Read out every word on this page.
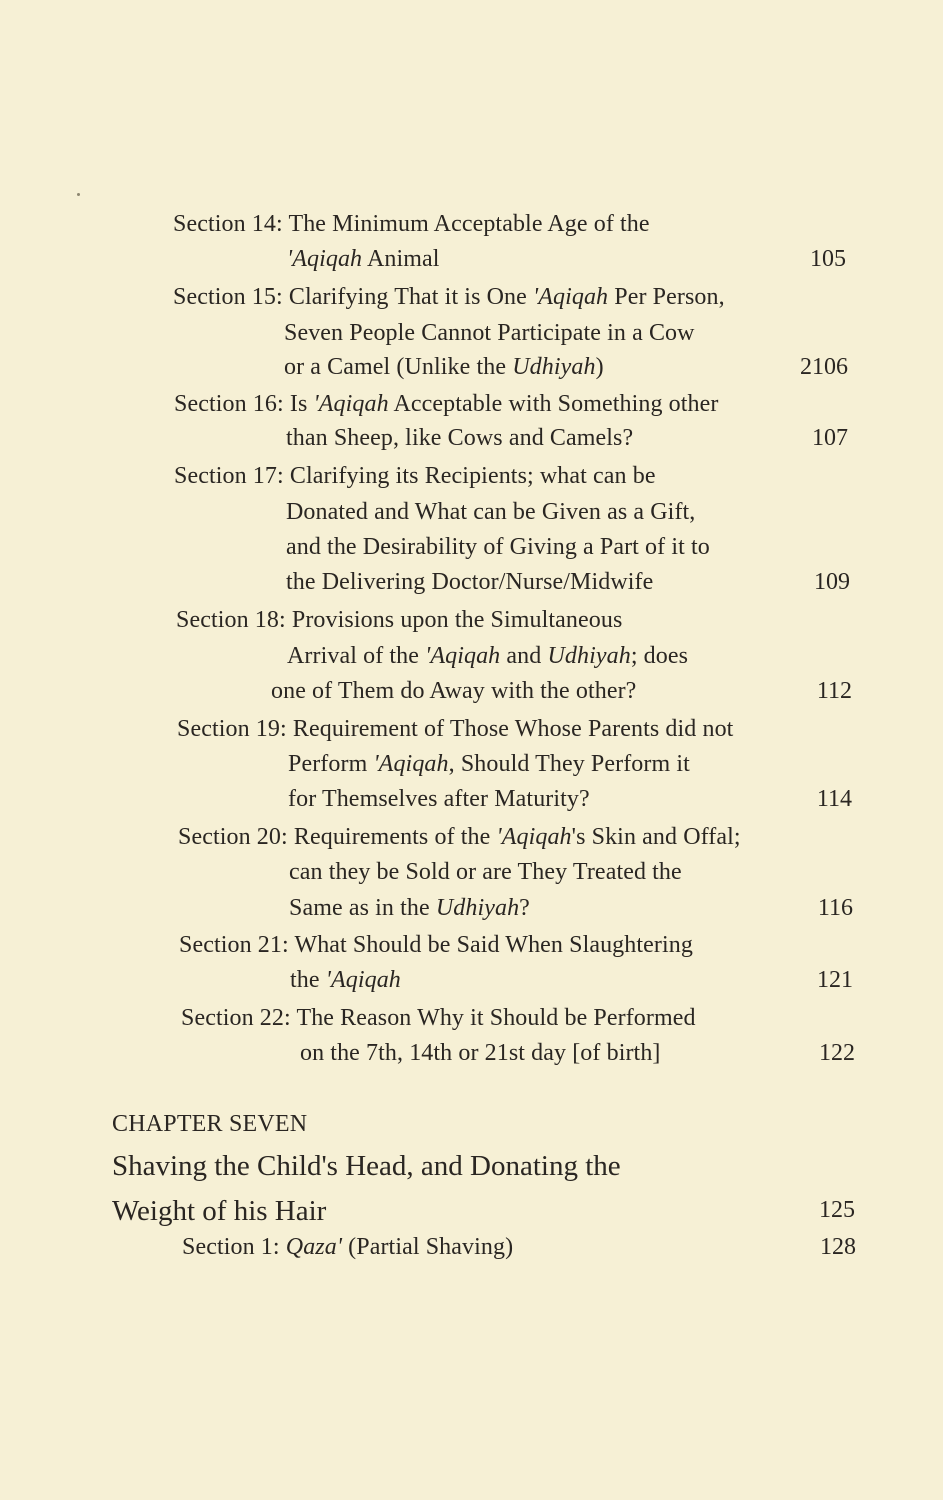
Section 14: The Minimum Acceptable Age of the
'Aqiqah Animal	105
Section 15: Clarifying That it is One 'Aqiqah Per Person,
Seven People Cannot Participate in a Cow
or a Camel (Unlike the Udhiyah)	2106
Section 16: Is 'Aqiqah Acceptable with Something other
than Sheep, like Cows and Camels?	107
Section 17: Clarifying its Recipients; what can be
Donated and What can be Given as a Gift,
and the Desirability of Giving a Part of it to
the Delivering Doctor/Nurse/Midwife	109
Section 18: Provisions upon the Simultaneous
Arrival of the 'Aqiqah and Udhiyah; does
one of Them do Away with the other?	112
Section 19: Requirement of Those Whose Parents did not
Perform 'Aqiqah, Should They Perform it
for Themselves after Maturity?	114
Section 20: Requirements of the 'Aqiqah's Skin and Offal;
can they be Sold or are They Treated the
Same as in the Udhiyah?	116
Section 21: What Should be Said When Slaughtering
the 'Aqiqah	121
Section 22: The Reason Why it Should be Performed
on the 7th, 14th or 21st day [of birth]	122
CHAPTER SEVEN
Shaving the Child's Head, and Donating the
Weight of his Hair	125
Section 1: Qaza' (Partial Shaving)	128
